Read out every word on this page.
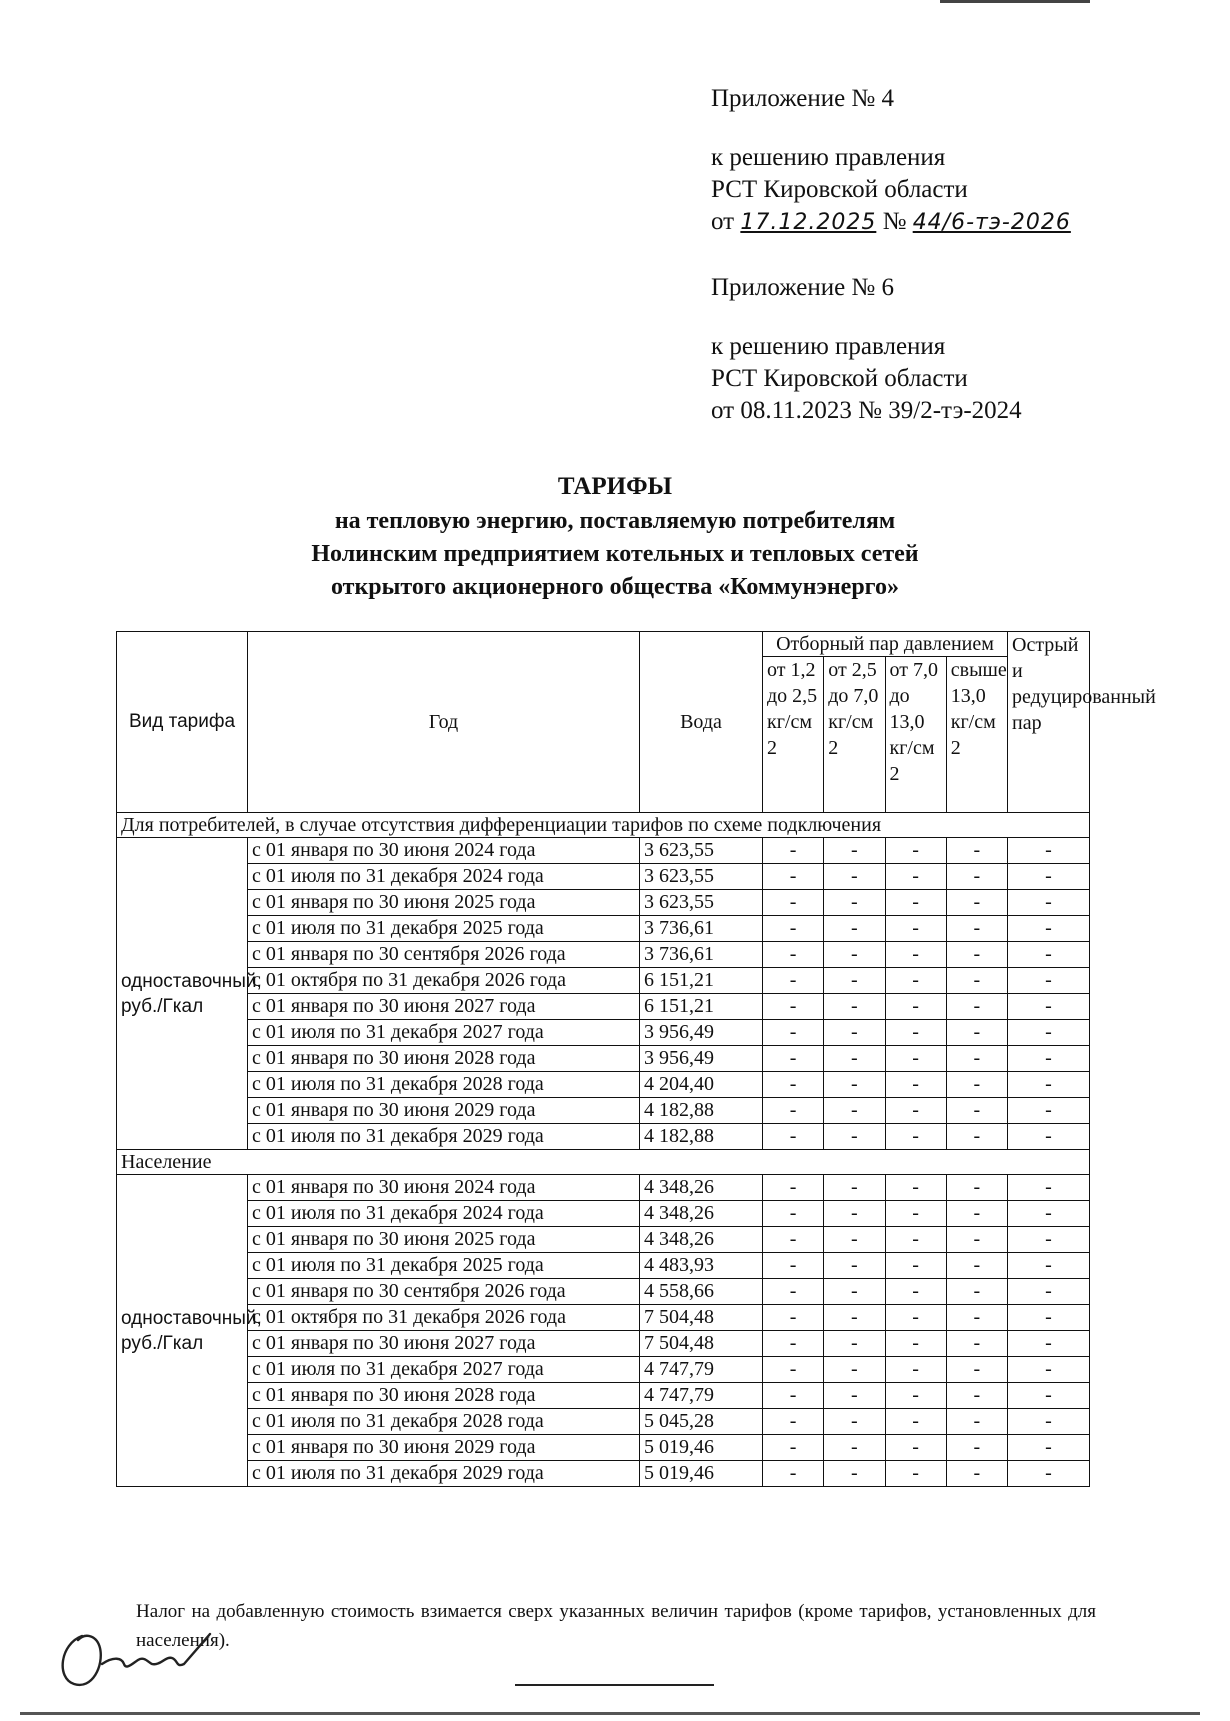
Приложение № 4

к решению правления

РСТ Кировской области

от 17.12.2025 № 44/6-тэ-2026

Приложение № 6

к решению правления

РСТ Кировской области

от 08.11.2023 № 39/2-тэ-2024

ТАРИФЫ
на тепловую энергию, поставляемую потребителям
Нолинским предприятием котельных и тепловых сетей
открытого акционерного общества «Коммунэнерго»
Вид тарифа	Год	Вода	Отборный пар давлением				Острый и редуцированный пар
			от 1,2 до 2,5 кг/см 2	от 2,5 до 7,0 кг/см 2	от 7,0 до 13,0 кг/см 2	свыше 13,0 кг/см 2	
Для потребителей, в случае отсутствия дифференциации тарифов по схеме подключения							
одноставочный, руб./Гкал	с 01 января по 30 июня 2024 года	3 623,55	-	-	-	-	-
	с 01 июля по 31 декабря 2024 года	3 623,55	-	-	-	-	-
	с 01 января по 30 июня 2025 года	3 623,55	-	-	-	-	-
	с 01 июля по 31 декабря 2025 года	3 736,61	-	-	-	-	-
	с 01 января по 30 сентября 2026 года	3 736,61	-	-	-	-	-
	с 01 октября по 31 декабря 2026 года	6 151,21	-	-	-	-	-
	с 01 января по 30 июня 2027 года	6 151,21	-	-	-	-	-
	с 01 июля по 31 декабря 2027 года	3 956,49	-	-	-	-	-
	с 01 января по 30 июня 2028 года	3 956,49	-	-	-	-	-
	с 01 июля по 31 декабря 2028 года	4 204,40	-	-	-	-	-
	с 01 января по 30 июня 2029 года	4 182,88	-	-	-	-	-
	с 01 июля по 31 декабря 2029 года	4 182,88	-	-	-	-	-
Население							
одноставочный, руб./Гкал	с 01 января по 30 июня 2024 года	4 348,26	-	-	-	-	-
	с 01 июля по 31 декабря 2024 года	4 348,26	-	-	-	-	-
	с 01 января по 30 июня 2025 года	4 348,26	-	-	-	-	-
	с 01 июля по 31 декабря 2025 года	4 483,93	-	-	-	-	-
	с 01 января по 30 сентября 2026 года	4 558,66	-	-	-	-	-
	с 01 октября по 31 декабря 2026 года	7 504,48	-	-	-	-	-
	с 01 января по 30 июня 2027 года	7 504,48	-	-	-	-	-
	с 01 июля по 31 декабря 2027 года	4 747,79	-	-	-	-	-
	с 01 января по 30 июня 2028 года	4 747,79	-	-	-	-	-
	с 01 июля по 31 декабря 2028 года	5 045,28	-	-	-	-	-
	с 01 января по 30 июня 2029 года	5 019,46	-	-	-	-	-
	с 01 июля по 31 декабря 2029 года	5 019,46	-	-	-	-	-
Налог на добавленную стоимость взимается сверх указанных величин тарифов (кроме тарифов, установленных для населения).
